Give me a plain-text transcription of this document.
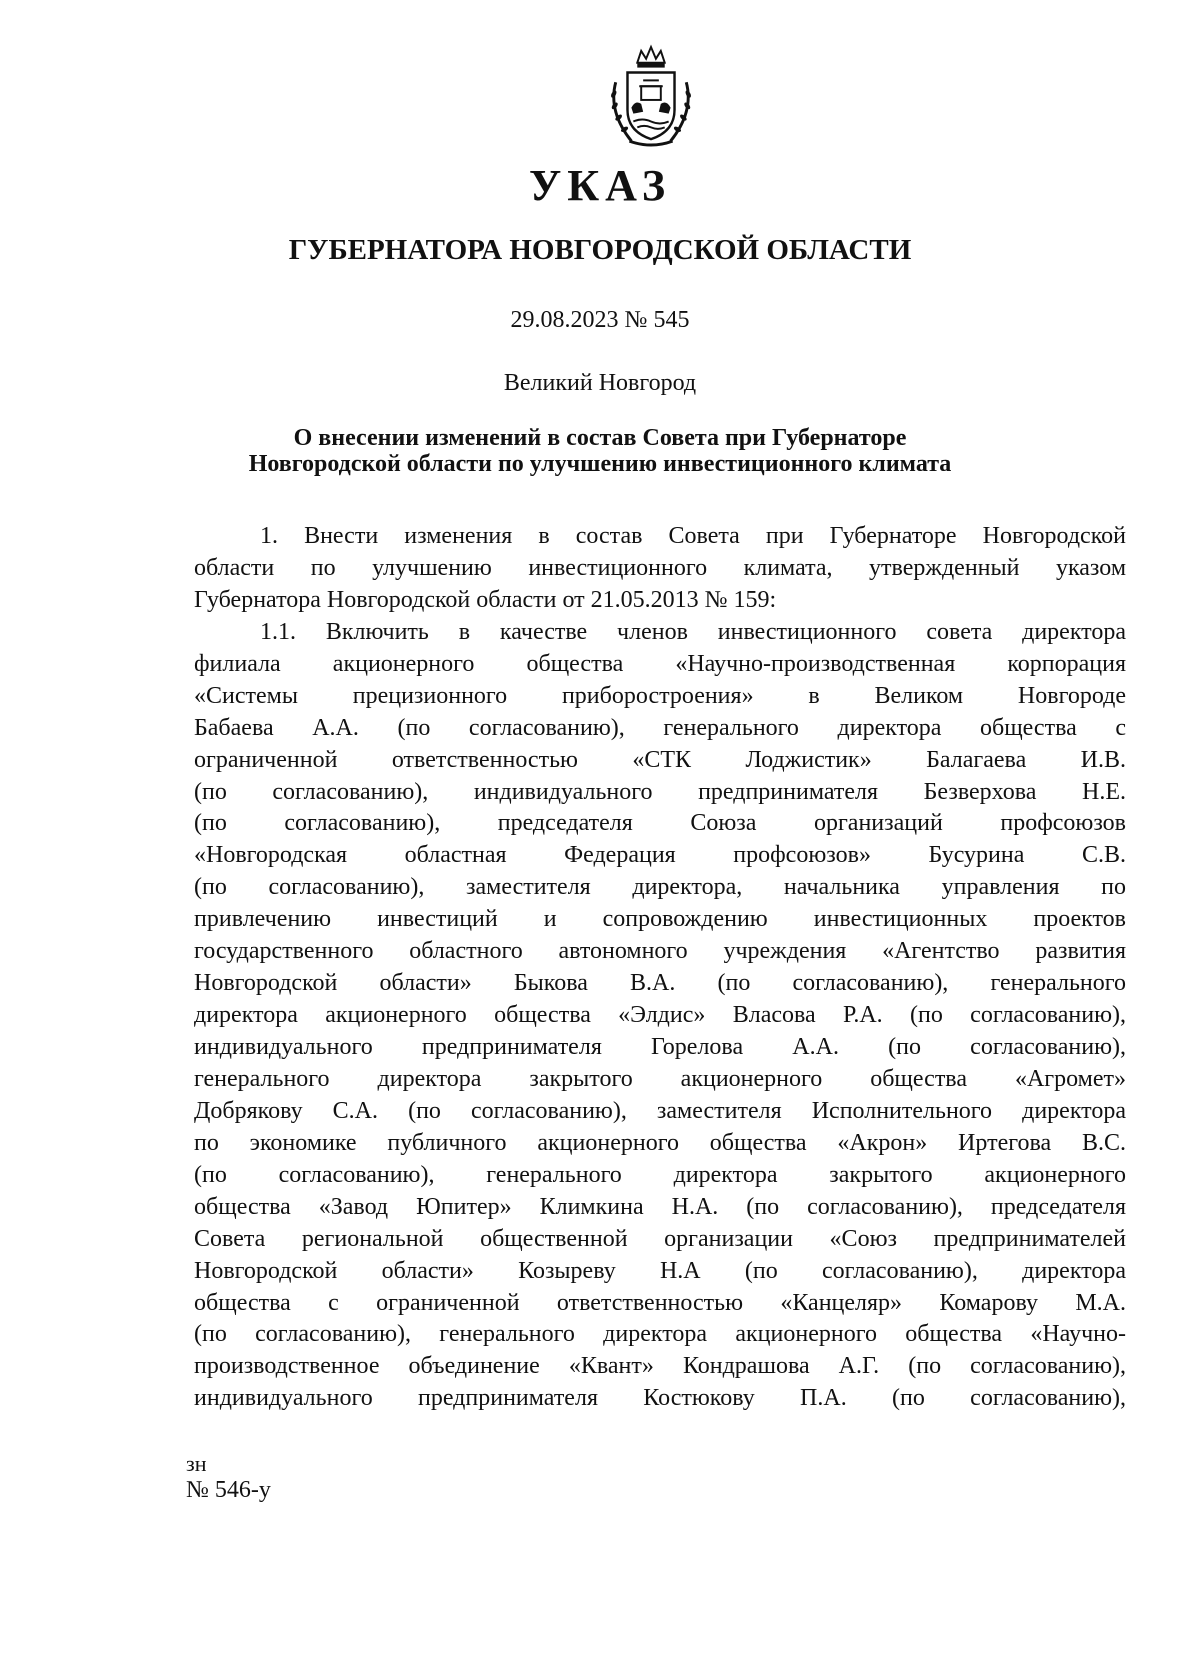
УКАЗ
ГУБЕРНАТОРА НОВГОРОДСКОЙ ОБЛАСТИ
29.08.2023 № 545
Великий Новгород
О внесении изменений в состав Совета при Губернаторе
Новгородской области по улучшению инвестиционного климата
1. Внести изменения в состав Совета при Губернаторе Новгородской
области по улучшению инвестиционного климата, утвержденный указом
Губернатора Новгородской области от 21.05.2013 № 159:
1.1. Включить в качестве членов инвестиционного совета директора
филиала акционерного общества «Научно-производственная корпорация
«Системы прецизионного приборостроения» в Великом Новгороде
Бабаева А.А. (по согласованию), генерального директора общества с
ограниченной ответственностью «СТК Лоджистик» Балагаева И.В.
(по согласованию), индивидуального предпринимателя Безверхова Н.Е.
(по согласованию), председателя Союза организаций профсоюзов
«Новгородская областная Федерация профсоюзов» Бусурина С.В.
(по согласованию), заместителя директора, начальника управления по
привлечению инвестиций и сопровождению инвестиционных проектов
государственного областного автономного учреждения «Агентство развития
Новгородской области» Быкова В.А. (по согласованию), генерального
директора акционерного общества «Элдис» Власова Р.А. (по согласованию),
индивидуального предпринимателя Горелова А.А. (по согласованию),
генерального директора закрытого акционерного общества «Агромет»
Добрякову С.А. (по согласованию), заместителя Исполнительного директора
по экономике публичного акционерного общества «Акрон» Иртегова В.С.
(по согласованию), генерального директора закрытого акционерного
общества «Завод Юпитер» Климкина Н.А. (по согласованию), председателя
Совета региональной общественной организации «Союз предпринимателей
Новгородской области» Козыреву Н.А (по согласованию), директора
общества с ограниченной ответственностью «Канцеляр» Комарову М.А.
(по согласованию), генерального директора акционерного общества «Научно-
производственное объединение «Квант» Кондрашова А.Г. (по согласованию),
индивидуального предпринимателя Костюкову П.А. (по согласованию),
зн
№ 546-у
